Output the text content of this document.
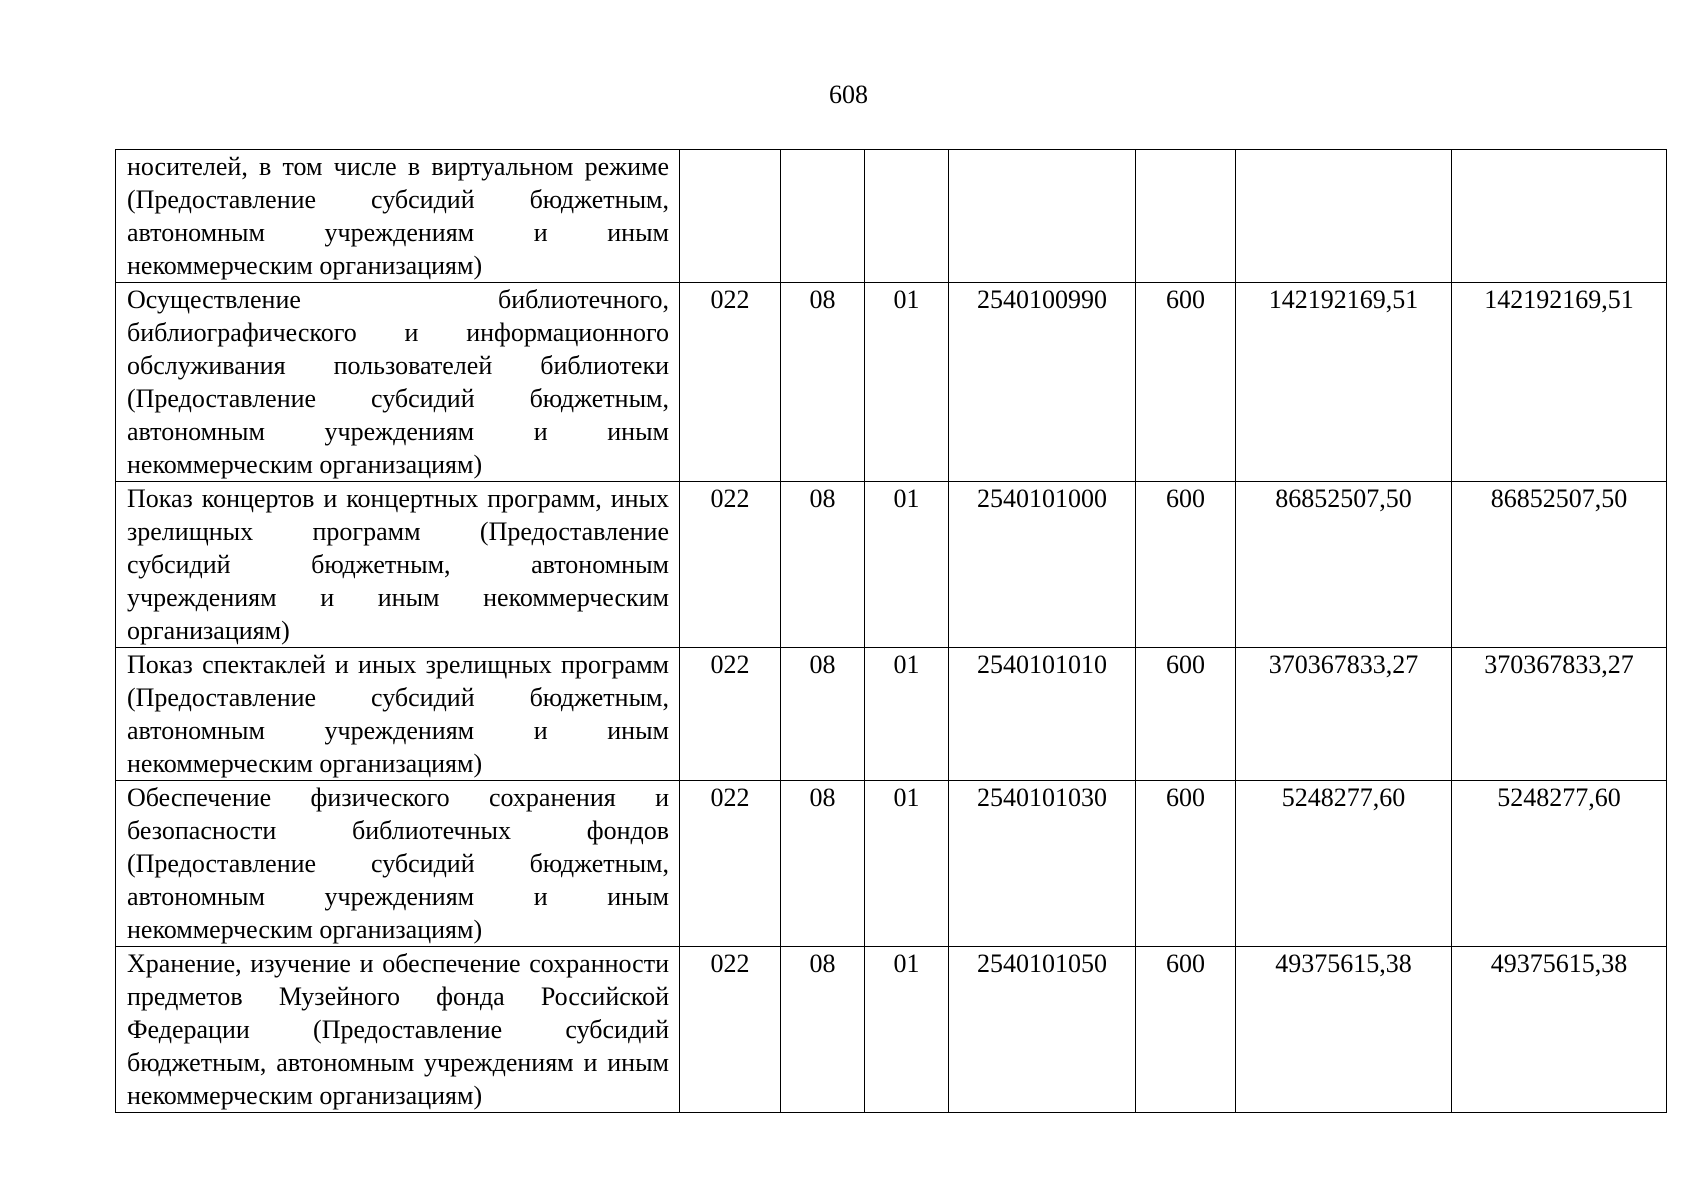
608
носителей, в том числе в виртуальном режиме (Предоставление субсидий бюджетным, автономным учреждениям и иным некоммерческим организациям)							
Осуществление библиотечного, библиографического и информационного обслуживания пользователей библиотеки (Предоставление субсидий бюджетным, автономным учреждениям и иным некоммерческим организациям)	022	08	01	2540100990	600	142192169,51	142192169,51
Показ концертов и концертных программ, иных зрелищных программ (Предоставление субсидий бюджетным, автономным учреждениям и иным некоммерческим организациям)	022	08	01	2540101000	600	86852507,50	86852507,50
Показ спектаклей и иных зрелищных программ (Предоставление субсидий бюджетным, автономным учреждениям и иным некоммерческим организациям)	022	08	01	2540101010	600	370367833,27	370367833,27
Обеспечение физического сохранения и безопасности библиотечных фондов (Предоставление субсидий бюджетным, автономным учреждениям и иным некоммерческим организациям)	022	08	01	2540101030	600	5248277,60	5248277,60
Хранение, изучение и обеспечение сохранности предметов Музейного фонда Российской Федерации (Предоставление субсидий бюджетным, автономным учреждениям и иным некоммерческим организациям)	022	08	01	2540101050	600	49375615,38	49375615,38
